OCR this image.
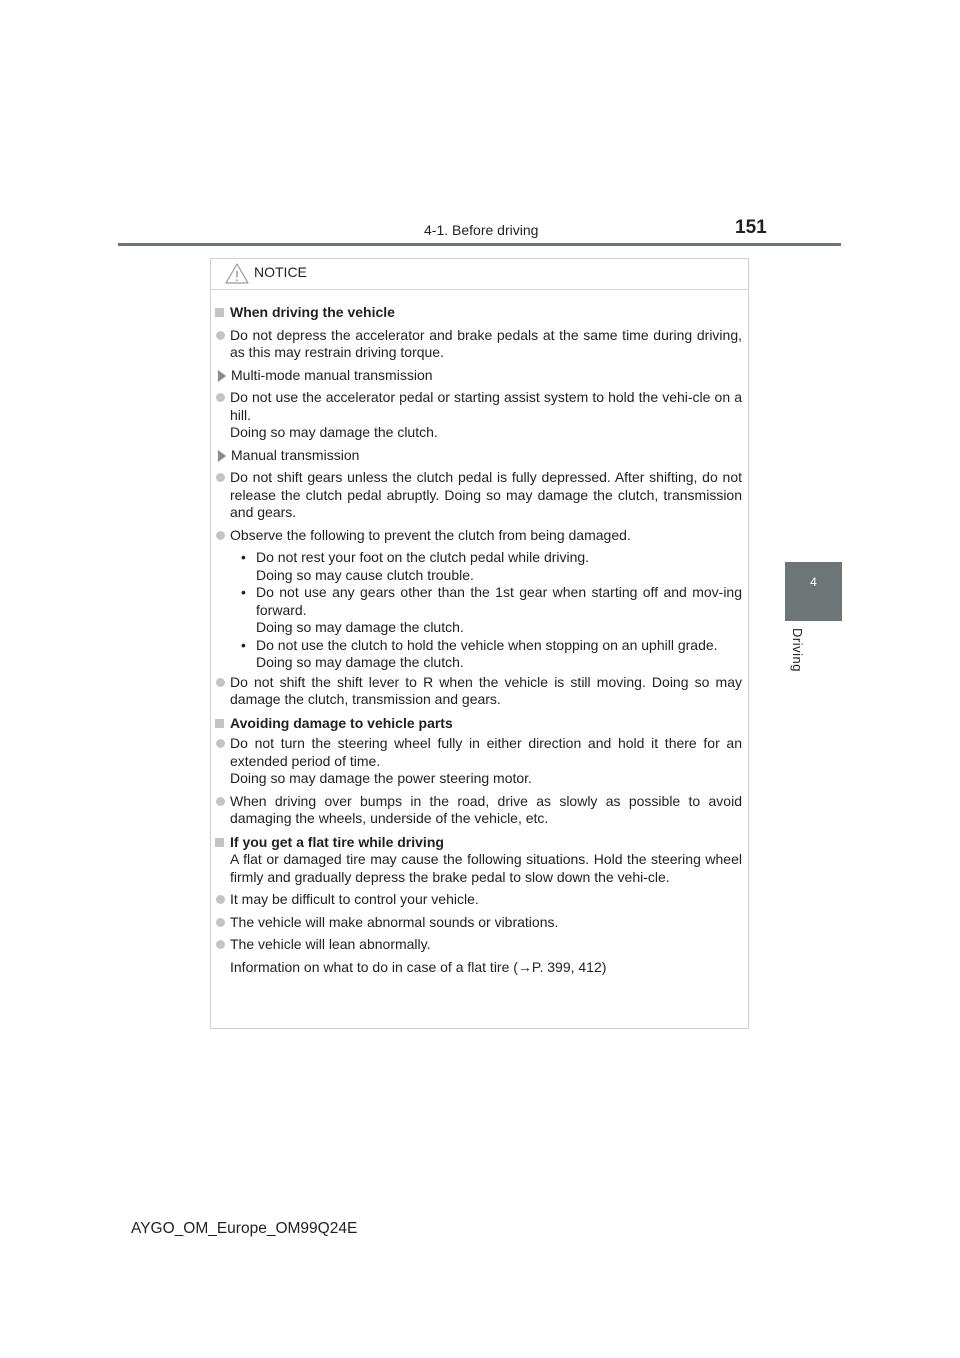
4-1. Before driving	151
4
Driving
NOTICE
When driving the vehicle
Do not depress the accelerator and brake pedals at the same time during driving, as this may restrain driving torque.
Multi-mode manual transmission
Do not use the accelerator pedal or starting assist system to hold the vehi-cle on a hill.
Doing so may damage the clutch.
Manual transmission
Do not shift gears unless the clutch pedal is fully depressed. After shifting, do not release the clutch pedal abruptly. Doing so may damage the clutch, transmission and gears.
Observe the following to prevent the clutch from being damaged.
• Do not rest your foot on the clutch pedal while driving.
Doing so may cause clutch trouble.
• Do not use any gears other than the 1st gear when starting off and mov-ing forward.
Doing so may damage the clutch.
• Do not use the clutch to hold the vehicle when stopping on an uphill grade.
Doing so may damage the clutch.
Do not shift the shift lever to R when the vehicle is still moving. Doing so may damage the clutch, transmission and gears.
Avoiding damage to vehicle parts
Do not turn the steering wheel fully in either direction and hold it there for an extended period of time.
Doing so may damage the power steering motor.
When driving over bumps in the road, drive as slowly as possible to avoid damaging the wheels, underside of the vehicle, etc.
If you get a flat tire while driving
A flat or damaged tire may cause the following situations. Hold the steering wheel firmly and gradually depress the brake pedal to slow down the vehi-cle.
It may be difficult to control your vehicle.
The vehicle will make abnormal sounds or vibrations.
The vehicle will lean abnormally.
Information on what to do in case of a flat tire (→P. 399, 412)
AYGO_OM_Europe_OM99Q24E
